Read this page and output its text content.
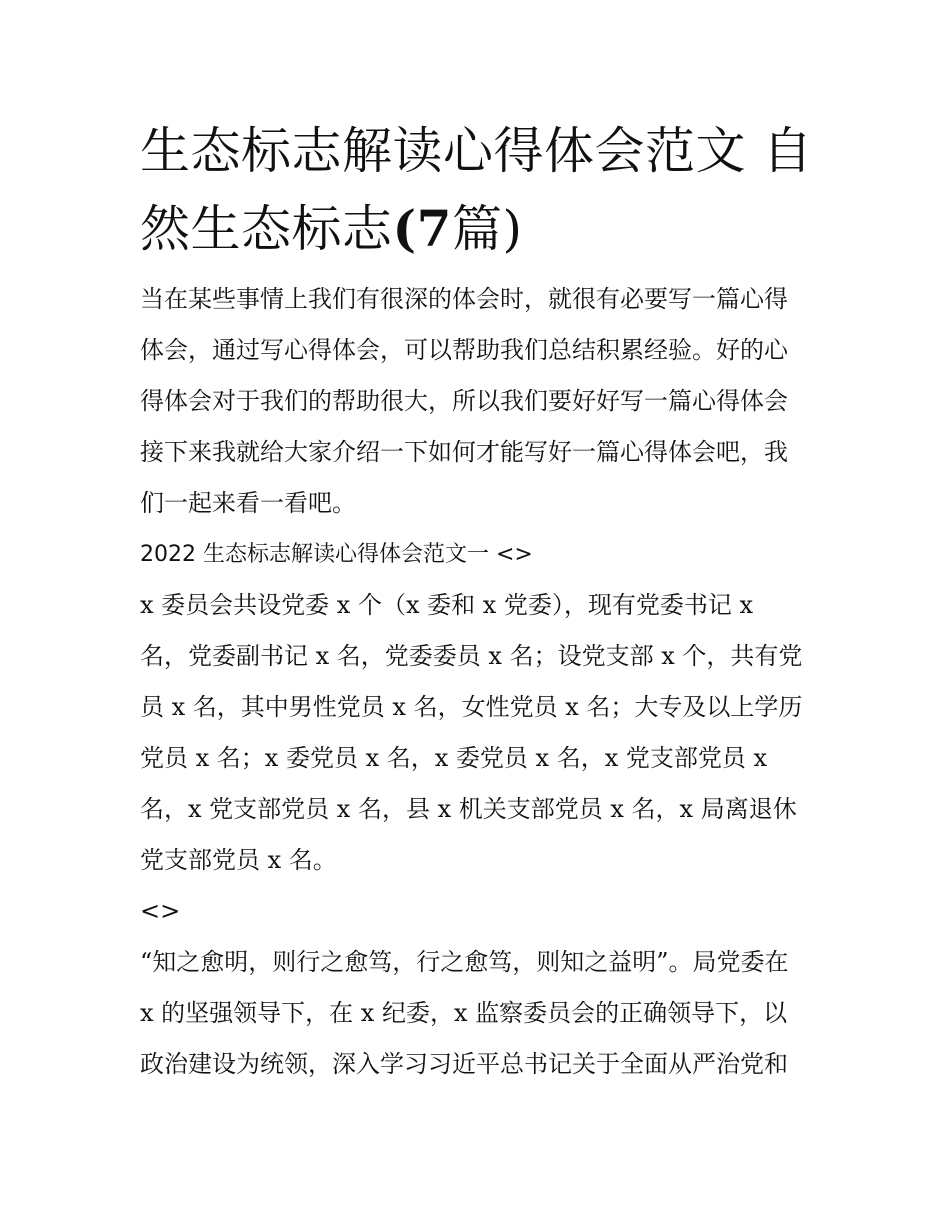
生态标志解读心得体会范文 自
然生态标志(7篇)

当在某些事情上我们有很深的体会时，就很有必要写一篇心得
体会，通过写心得体会，可以帮助我们总结积累经验。好的心
得体会对于我们的帮助很大，所以我们要好好写一篇心得体会
接下来我就给大家介绍一下如何才能写好一篇心得体会吧，我
们一起来看一看吧。

2022 生态标志解读心得体会范文一 <>

x 委员会共设党委 x 个（x 委和 x 党委），现有党委书记 x
名，党委副书记 x 名，党委委员 x 名；设党支部 x 个，共有党
员 x 名，其中男性党员 x 名，女性党员 x 名；大专及以上学历
党员 x 名；x 委党员 x 名，x 委党员 x 名，x 党支部党员 x
名，x 党支部党员 x 名，县 x 机关支部党员 x 名，x 局离退休
党支部党员 x 名。

<>

“知之愈明，则行之愈笃，行之愈笃，则知之益明”。局党委在
x 的坚强领导下，在 x 纪委，x 监察委员会的正确领导下，以
政治建设为统领，深入学习习近平总书记关于全面从严治党和
